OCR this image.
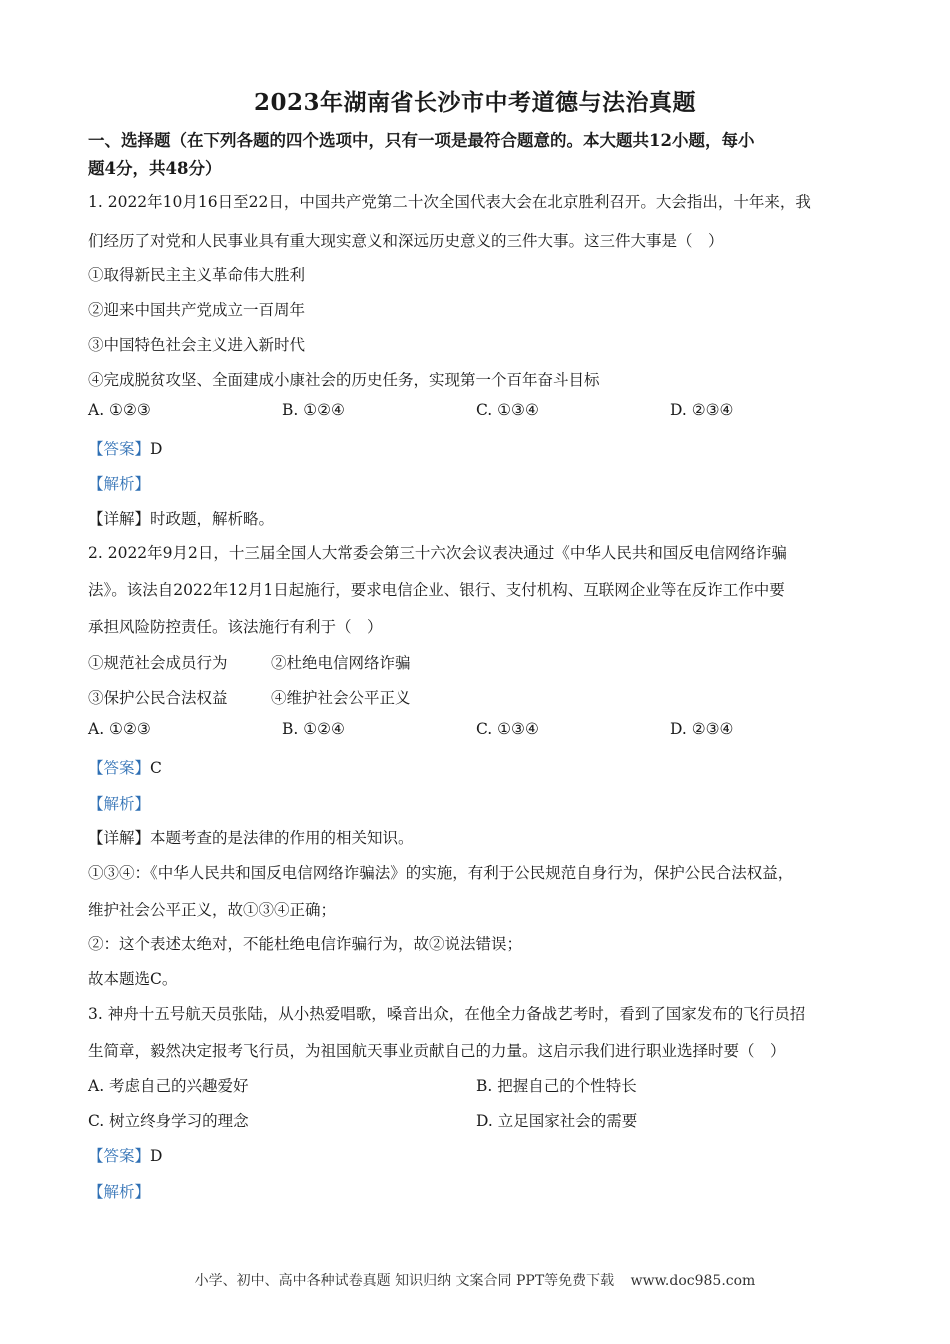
2023年湖南省长沙市中考道德与法治真题
一、选择题（在下列各题的四个选项中，只有一项是最符合题意的。本大题共12小题，每小
题4分，共48分）
1. 2022年10月16日至22日，中国共产党第二十次全国代表大会在北京胜利召开。大会指出，十年来，我
们经历了对党和人民事业具有重大现实意义和深远历史意义的三件大事。这三件大事是（　）
①取得新民主主义革命伟大胜利
②迎来中国共产党成立一百周年
③中国特色社会主义进入新时代
④完成脱贫攻坚、全面建成小康社会的历史任务，实现第一个百年奋斗目标
A. ①②③	B. ①②④	C. ①③④	D. ②③④
【答案】D
【解析】
【详解】时政题，解析略。
2. 2022年9月2日，十三届全国人大常委会第三十六次会议表决通过《中华人民共和国反电信网络诈骗
法》。该法自2022年12月1日起施行，要求电信企业、银行、支付机构、互联网企业等在反诈工作中要
承担风险防控责任。该法施行有利于（　）
①规范社会成员行为	②杜绝电信网络诈骗
③保护公民合法权益	④维护社会公平正义
A. ①②③	B. ①②④	C. ①③④	D. ②③④
【答案】C
【解析】
【详解】本题考查的是法律的作用的相关知识。
①③④：《中华人民共和国反电信网络诈骗法》的实施，有利于公民规范自身行为，保护公民合法权益，
维护社会公平正义，故①③④正确；
②：这个表述太绝对，不能杜绝电信诈骗行为，故②说法错误；
故本题选C。
3. 神舟十五号航天员张陆，从小热爱唱歌，嗓音出众，在他全力备战艺考时，看到了国家发布的飞行员招
生简章，毅然决定报考飞行员，为祖国航天事业贡献自己的力量。这启示我们进行职业选择时要（　）
A. 考虑自己的兴趣爱好	B. 把握自己的个性特长
C. 树立终身学习的理念	D. 立足国家社会的需要
【答案】D
【解析】
小学、初中、高中各种试卷真题 知识归纳 文案合同 PPT等免费下载 www.doc985.com
